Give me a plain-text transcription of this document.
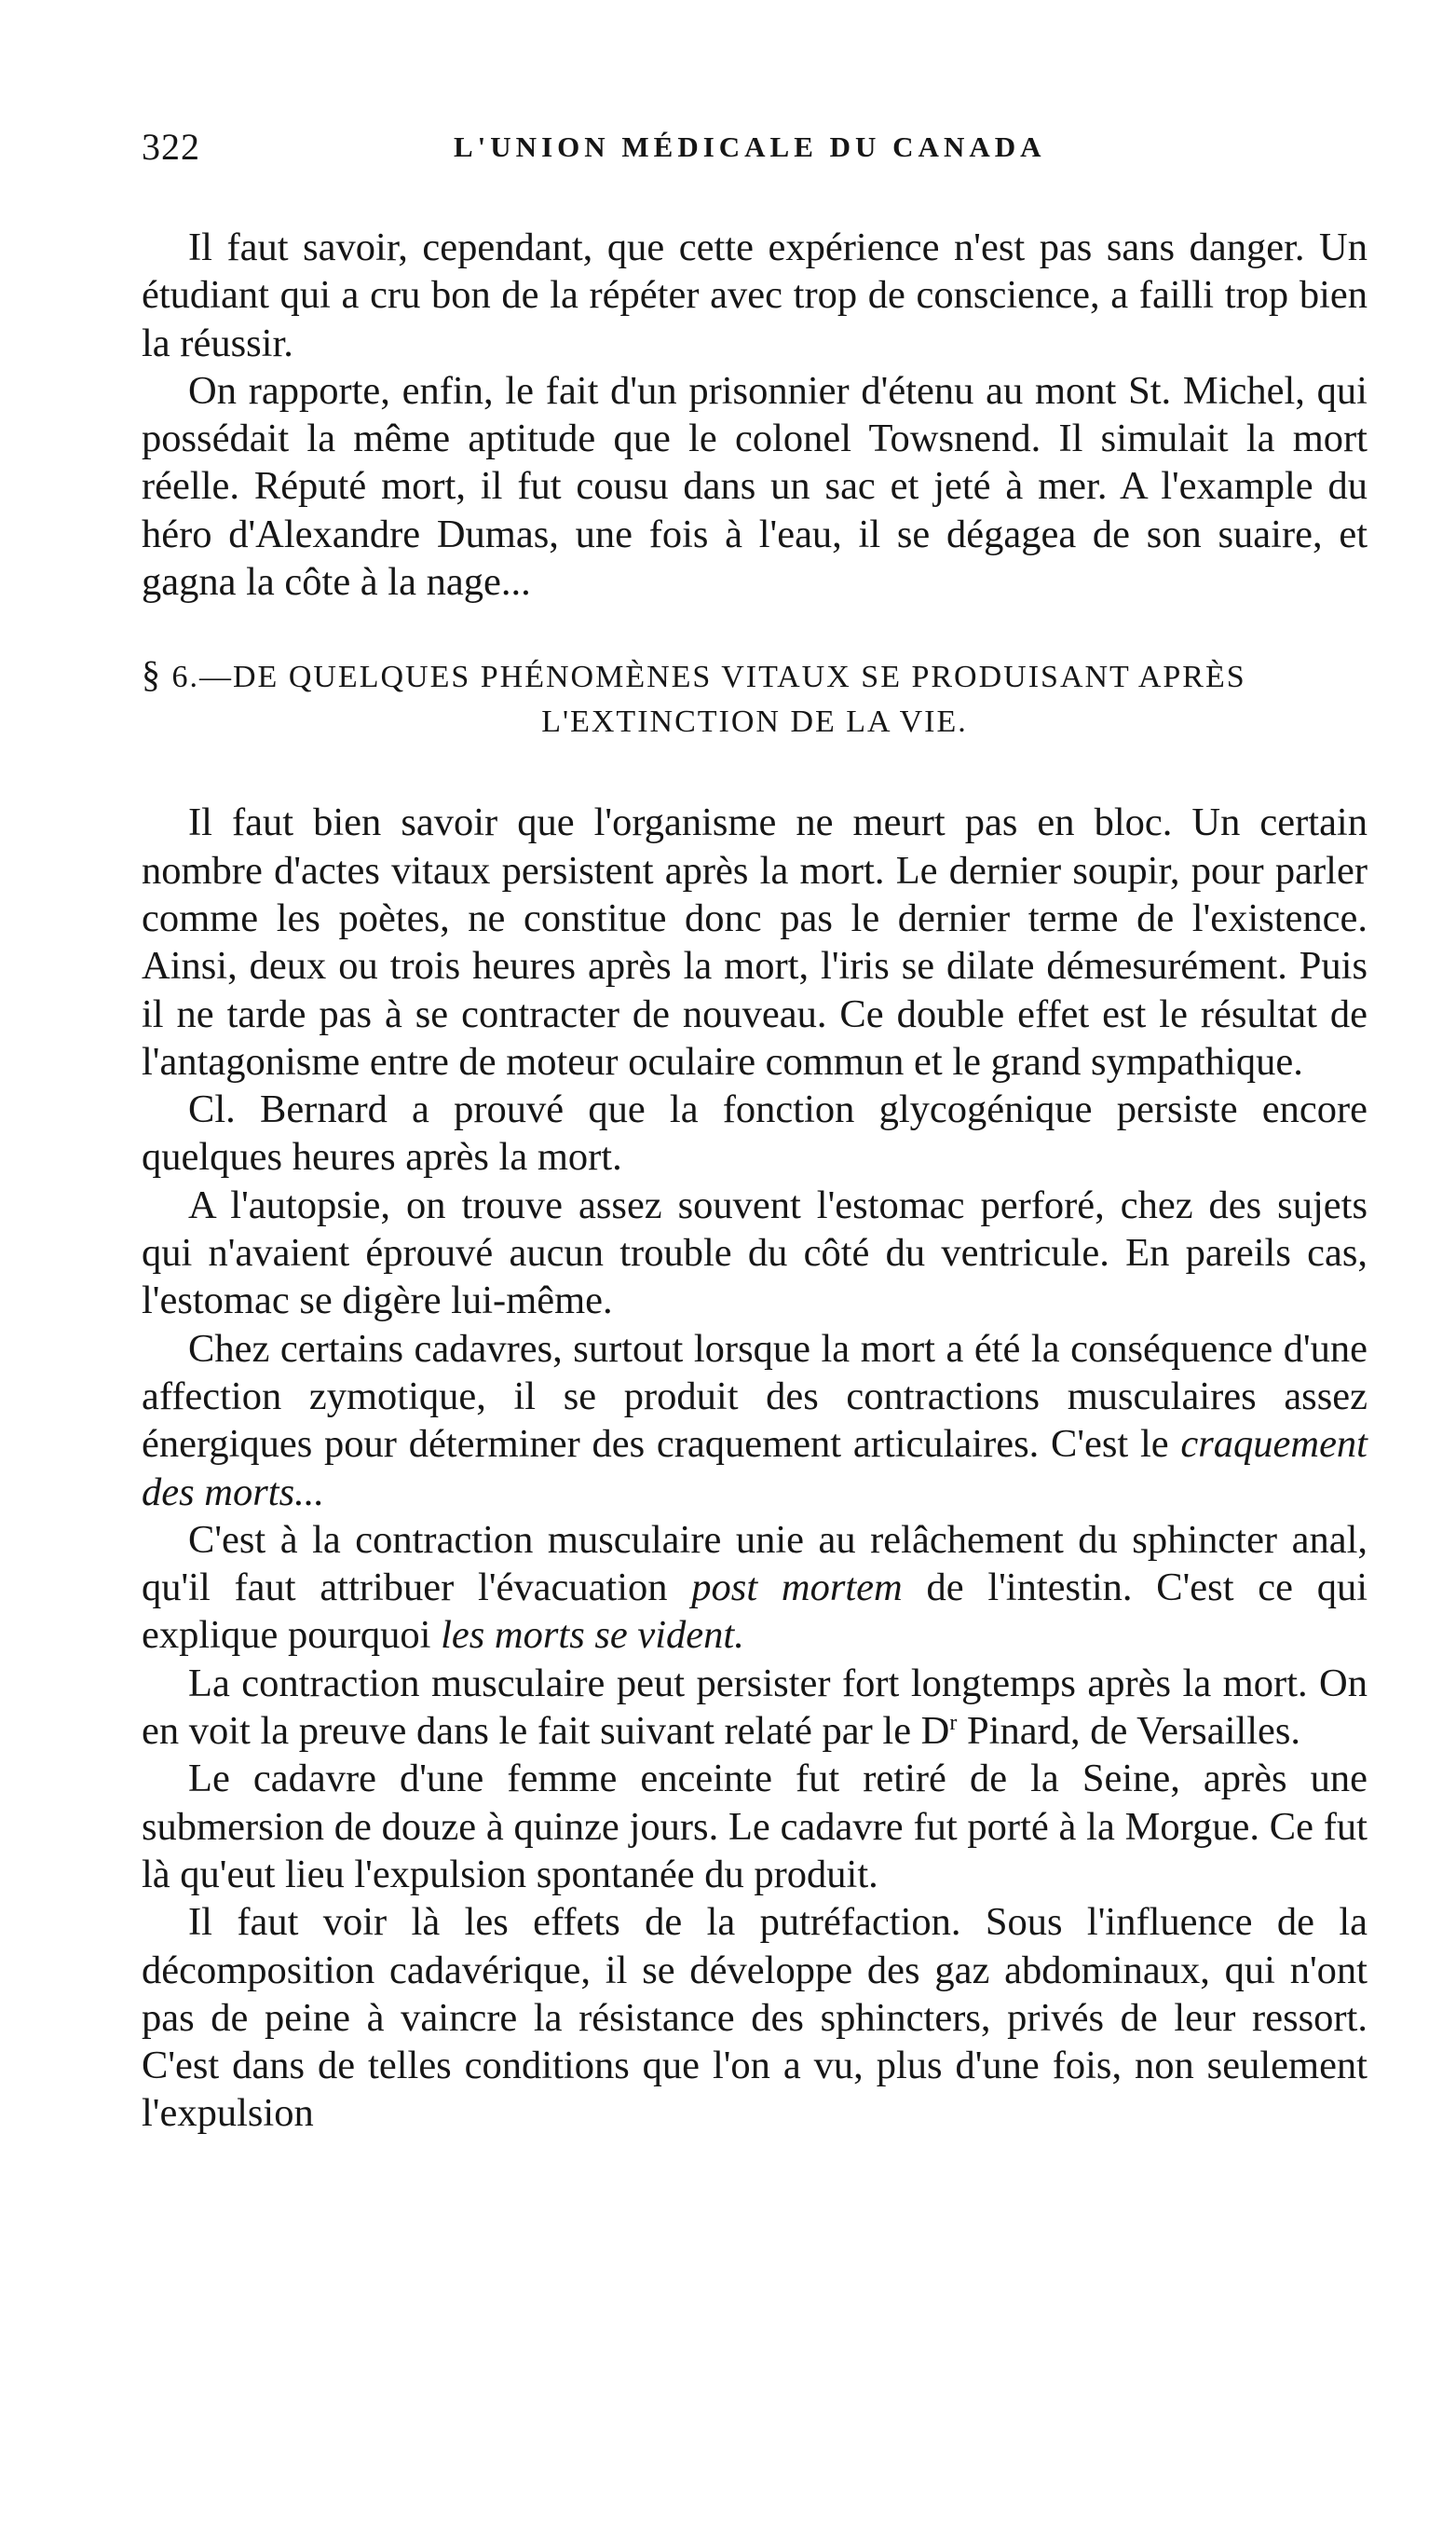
322	L'UNION MÉDICALE DU CANADA

Il faut savoir, cependant, que cette expérience n'est pas sans danger. Un étudiant qui a cru bon de la répéter avec trop de conscience, a failli trop bien la réussir.

On rapporte, enfin, le fait d'un prisonnier d'étenu au mont St. Michel, qui possédait la même aptitude que le colonel Towsnend. Il simulait la mort réelle. Réputé mort, il fut cousu dans un sac et jeté à mer. A l'example du héro d'Alexandre Dumas, une fois à l'eau, il se dégagea de son suaire, et gagna la côte à la nage...

§ 6.—DE QUELQUES PHÉNOMÈNES VITAUX SE PRODUISANT APRÈS
L'EXTINCTION DE LA VIE.

Il faut bien savoir que l'organisme ne meurt pas en bloc. Un certain nombre d'actes vitaux persistent après la mort. Le dernier soupir, pour parler comme les poètes, ne constitue donc pas le dernier terme de l'existence. Ainsi, deux ou trois heures après la mort, l'iris se dilate démesurément. Puis il ne tarde pas à se contracter de nouveau. Ce double effet est le résultat de l'antagonisme entre de moteur oculaire commun et le grand sympathique.

Cl. Bernard a prouvé que la fonction glycogénique persiste encore quelques heures après la mort.

A l'autopsie, on trouve assez souvent l'estomac perforé, chez des sujets qui n'avaient éprouvé aucun trouble du côté du ventricule. En pareils cas, l'estomac se digère lui-même.

Chez certains cadavres, surtout lorsque la mort a été la conséquence d'une affection zymotique, il se produit des contractions musculaires assez énergiques pour déterminer des craquement articulaires. C'est le craquement des morts...

C'est à la contraction musculaire unie au relâchement du sphincter anal, qu'il faut attribuer l'évacuation post mortem de l'intestin. C'est ce qui explique pourquoi les morts se vident.

La contraction musculaire peut persister fort longtemps après la mort. On en voit la preuve dans le fait suivant relaté par le $D^r$ Pinard, de Versailles.

Le cadavre d'une femme enceinte fut retiré de la Seine, après une submersion de douze à quinze jours. Le cadavre fut porté à la Morgue. Ce fut là qu'eut lieu l'expulsion spontanée du produit.

Il faut voir là les effets de la putréfaction. Sous l'influence de la décomposition cadavérique, il se développe des gaz abdominaux, qui n'ont pas de peine à vaincre la résistance des sphincters, privés de leur ressort. C'est dans de telles conditions que l'on a vu, plus d'une fois, non seulement l'expulsion
